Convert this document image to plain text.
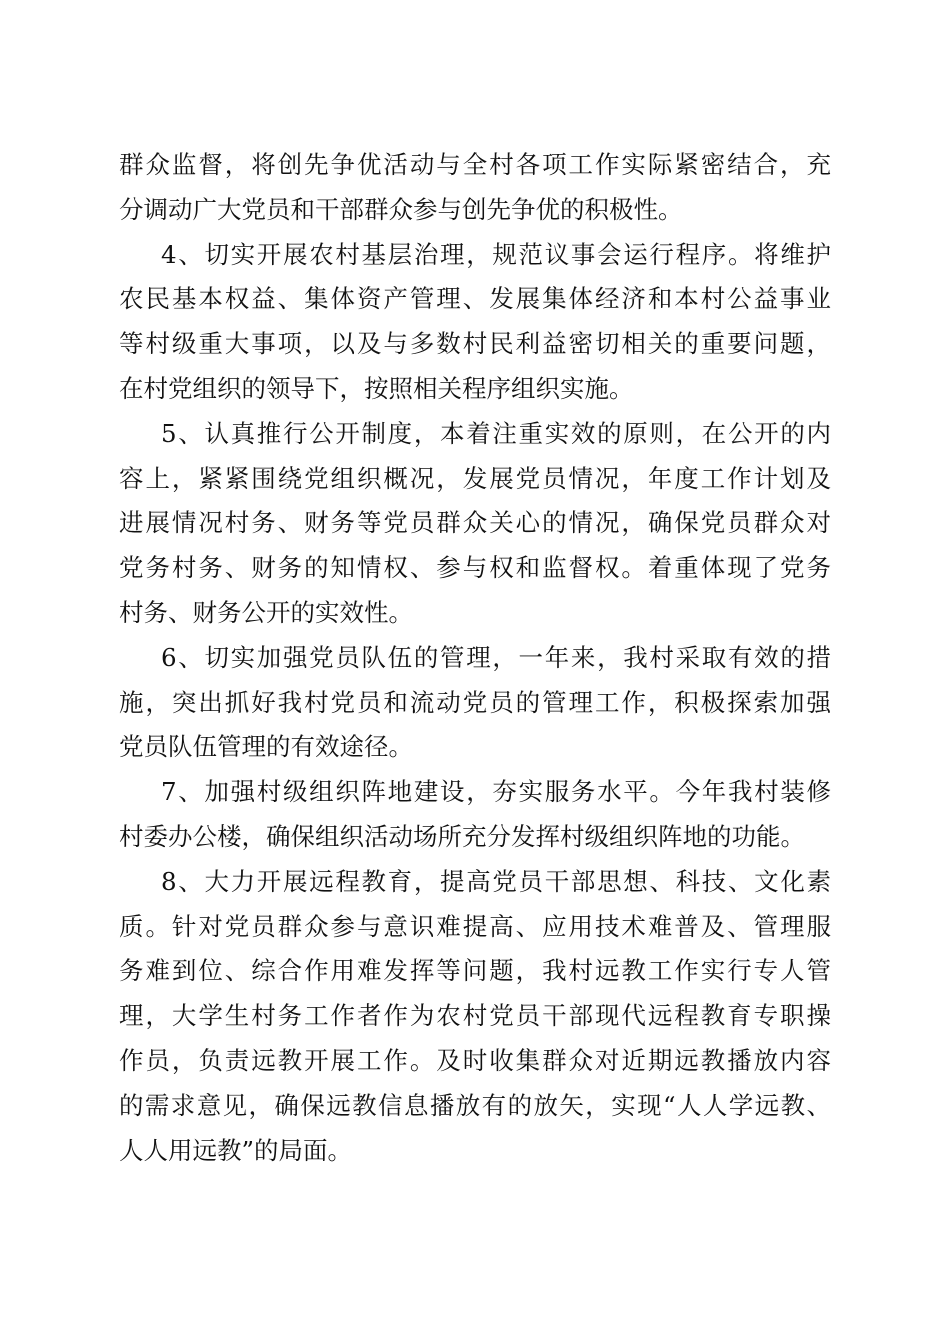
群众监督，将创先争优活动与全村各项工作实际紧密结合，充
分调动广大党员和干部群众参与创先争优的积极性。
4、切实开展农村基层治理，规范议事会运行程序。将维护
农民基本权益、集体资产管理、发展集体经济和本村公益事业
等村级重大事项，以及与多数村民利益密切相关的重要问题，
在村党组织的领导下，按照相关程序组织实施。
5、认真推行公开制度，本着注重实效的原则，在公开的内
容上，紧紧围绕党组织概况，发展党员情况，年度工作计划及
进展情况村务、财务等党员群众关心的情况，确保党员群众对
党务村务、财务的知情权、参与权和监督权。着重体现了党务
村务、财务公开的实效性。
6、切实加强党员队伍的管理，一年来，我村采取有效的措
施，突出抓好我村党员和流动党员的管理工作，积极探索加强
党员队伍管理的有效途径。
7、加强村级组织阵地建设，夯实服务水平。今年我村装修
村委办公楼，确保组织活动场所充分发挥村级组织阵地的功能。
8、大力开展远程教育，提高党员干部思想、科技、文化素
质。针对党员群众参与意识难提高、应用技术难普及、管理服
务难到位、综合作用难发挥等问题，我村远教工作实行专人管
理，大学生村务工作者作为农村党员干部现代远程教育专职操
作员，负责远教开展工作。及时收集群众对近期远教播放内容
的需求意见，确保远教信息播放有的放矢，实现“人人学远教、
人人用远教”的局面。
